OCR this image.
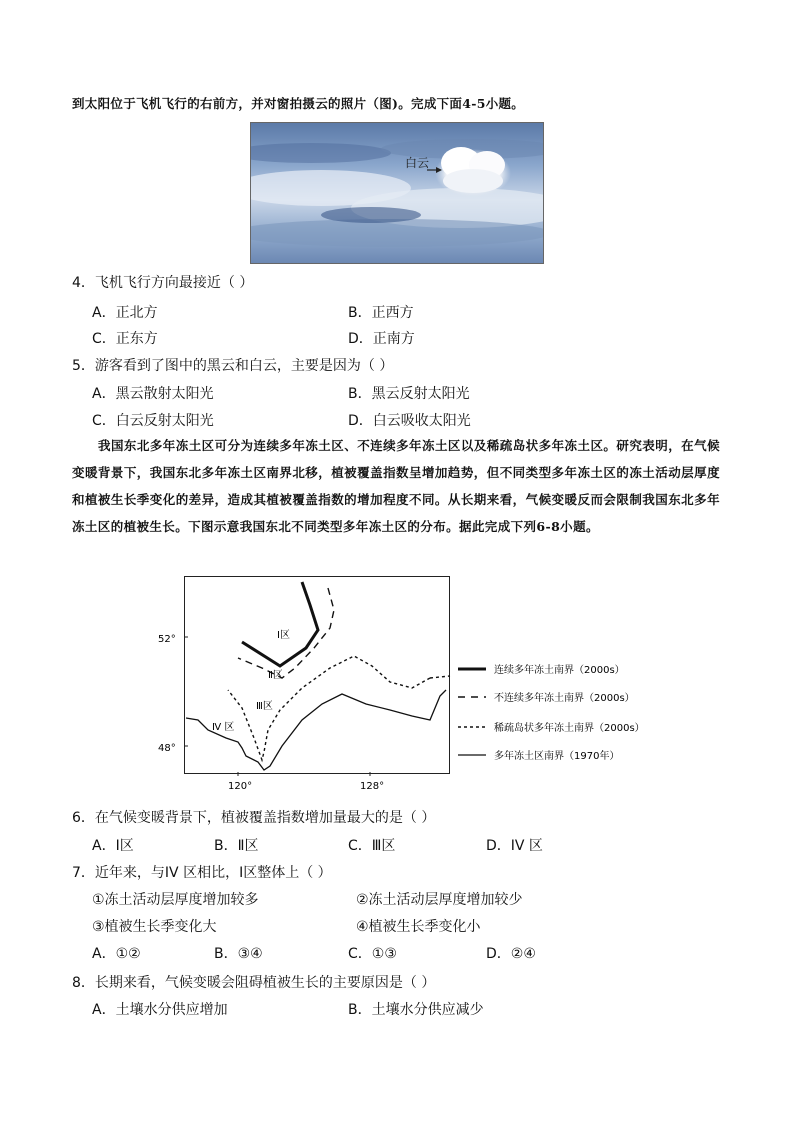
到太阳位于飞机飞行的右前方，并对窗拍摄云的照片（图)。完成下面4-5小题。
白云
4．飞机飞行方向最接近（ ）
A．正北方	B．正西方
C．正东方	D．正南方
5．游客看到了图中的黑云和白云，主要是因为（ ）
A．黑云散射太阳光	B．黑云反射太阳光
C．白云反射太阳光	D．白云吸收太阳光
我国东北多年冻土区可分为连续多年冻土区、不连续多年冻土区以及稀疏岛状多年冻土区。研究表明，在气候变暖背景下，我国东北多年冻土区南界北移，植被覆盖指数呈增加趋势，但不同类型多年冻土区的冻土活动层厚度和植被生长季变化的差异，造成其植被覆盖指数的增加程度不同。从长期来看，气候变暖反而会限制我国东北多年冻土区的植被生长。下图示意我国东北不同类型多年冻土区的分布。据此完成下列6-8小题。
52°
48°
120°	128°
Ⅰ区
Ⅱ区
Ⅲ区
Ⅳ 区
连续多年冻土南界（2000s）
不连续多年冻土南界（2000s）
稀疏岛状多年冻土南界（2000s）
多年冻土区南界（1970年）
6．在气候变暖背景下，植被覆盖指数增加量最大的是（ ）
A．I区	B．Ⅱ区	C．Ⅲ区	D．IV 区
7．近年来，与IV 区相比，I区整体上（ ）
①冻土活动层厚度增加较多	②冻土活动层厚度增加较少
③植被生长季变化大	④植被生长季变化小
A．①②	B．③④	C．①③	D．②④
8．长期来看，气候变暖会阻碍植被生长的主要原因是（ ）
A．土壤水分供应增加	B．土壤水分供应减少
